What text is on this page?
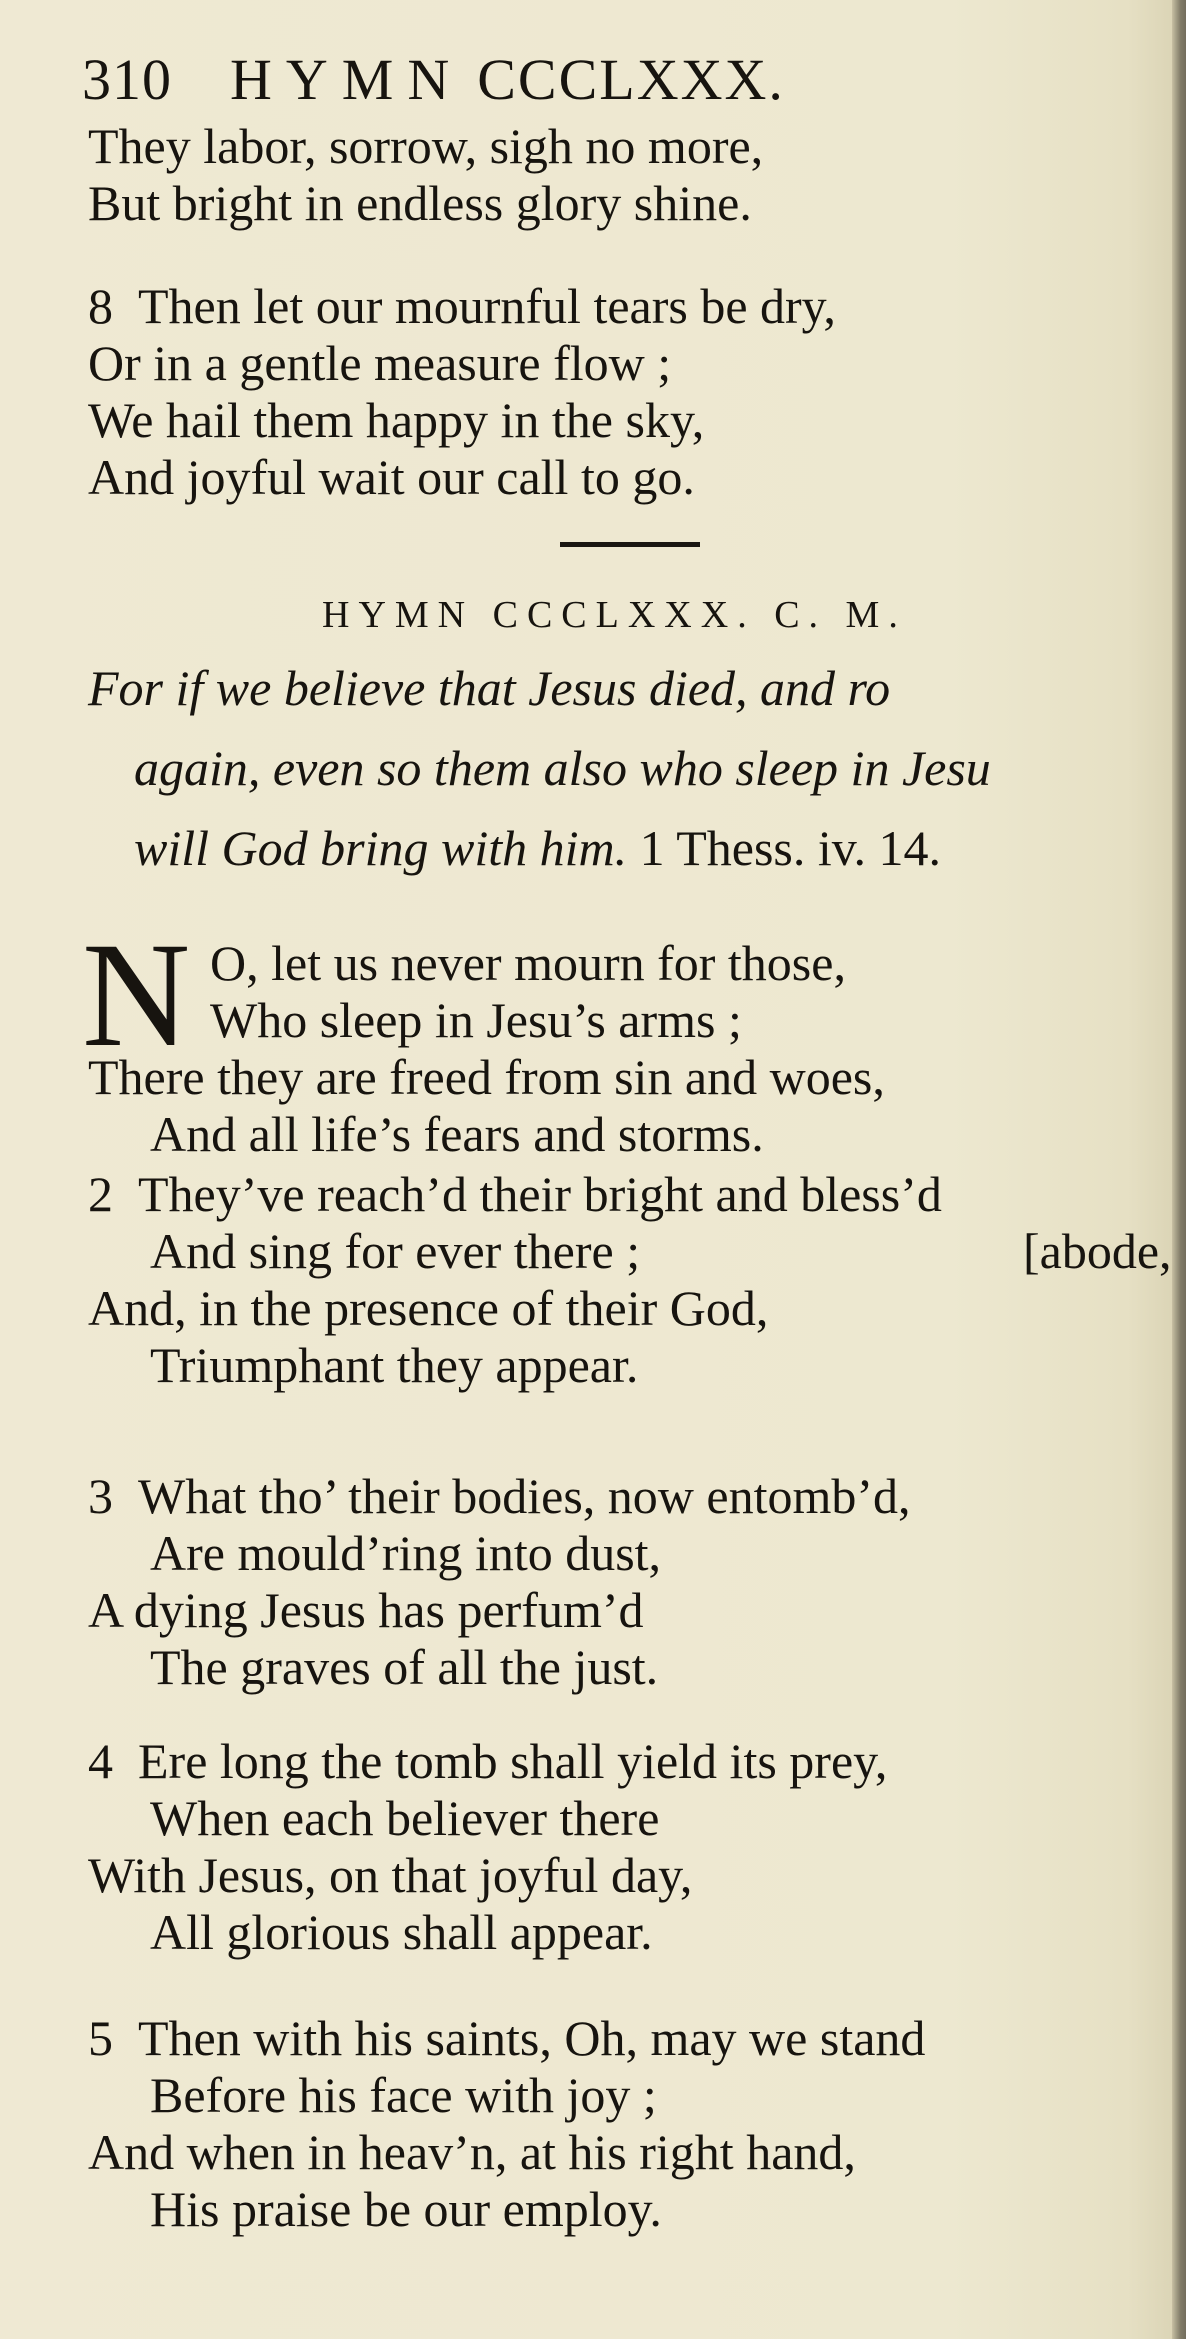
310 HYMN CCCLXXX.
They labor, sorrow, sigh no more,
But bright in endless glory shine.
8 Then let our mournful tears be dry,
Or in a gentle measure flow ;
We hail them happy in the sky,
And joyful wait our call to go.
HYMN CCCLXXX. C. M.
For if we believe that Jesus died, and ro
again, even so them also who sleep in Jesu
will God bring with him. 1 Thess. iv. 14.
N O, let us never mourn for those,
Who sleep in Jesu’s arms ;
There they are freed from sin and woes,
And all life’s fears and storms.
2 They’ve reach’d their bright and bless’d
And sing for ever there ;	[abode,
And, in the presence of their God,
Triumphant they appear.
3 What tho’ their bodies, now entomb’d,
Are mould’ring into dust,
A dying Jesus has perfum’d
The graves of all the just.
4 Ere long the tomb shall yield its prey,
When each believer there
With Jesus, on that joyful day,
All glorious shall appear.
5 Then with his saints, Oh, may we stand
Before his face with joy ;
And when in heav’n, at his right hand,
His praise be our employ.
